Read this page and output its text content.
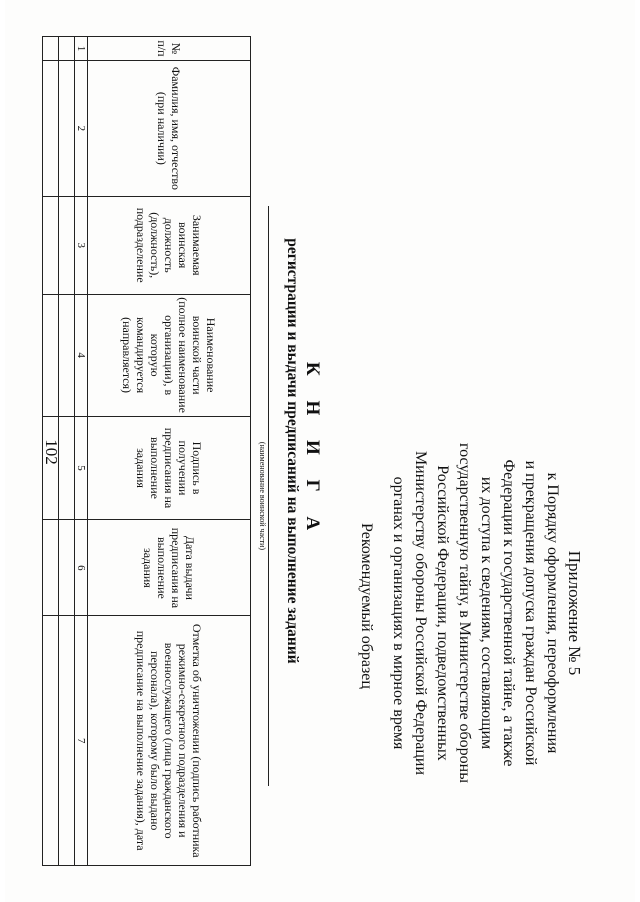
102
Приложение № 5
к Порядку оформления, переоформления
и прекращения допуска граждан Российской
Федерации к государственной тайне, а также
их доступа к сведениям, составляющим
государственную тайну, в Министерстве обороны
Российской Федерации, подведомственных
Министерству обороны Российской Федерации
органах и организациях в мирное время
Рекомендуемый образец
К Н И Г А
регистрации и выдачи предписаний на выполнение заданий
(наименование воинской части)
№ п/п	Фамилия, имя, отчество (при наличии)	Занимаемая воинская должность (должность), подразделение	Наименование воинской части (полное наименование организации), в которую командируется (направляется)	Подпись в получении предписания на выполнение задания	Дата выдачи предписания на выполнение задания	Отметка об уничтожении (подпись работника режимно-секретного подразделения и военнослужащего (лица гражданского персонала), которому было выдано предписание на выполнение задания), дата
1	2	3	4	5	6	7
